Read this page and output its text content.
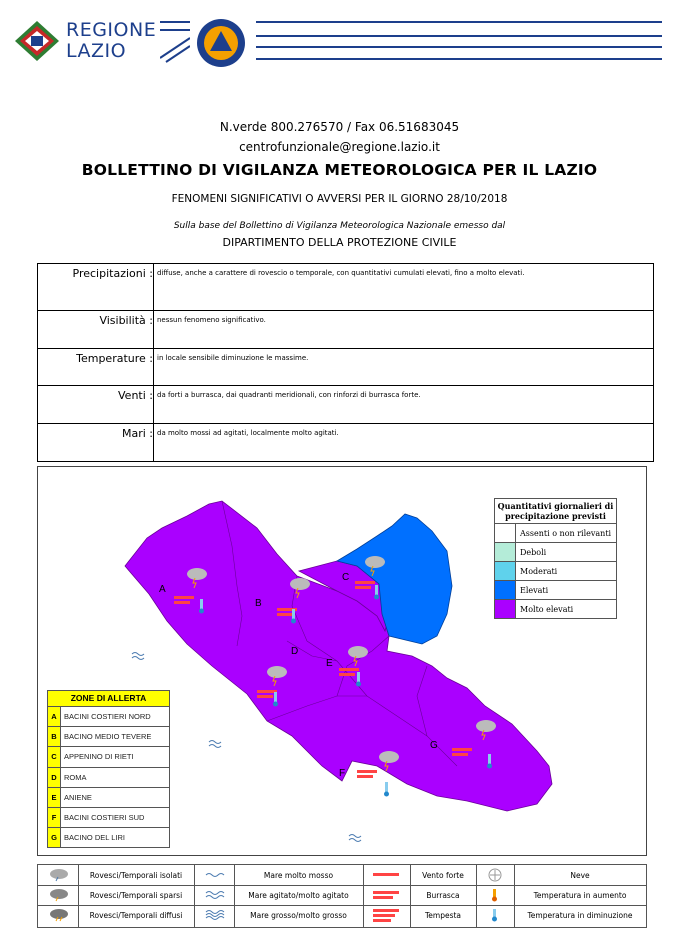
REGIONE
LAZIO
N.verde 800.276570 / Fax 06.51683045
centrofunzionale@regione.lazio.it
BOLLETTINO DI VIGILANZA METEOROLOGICA PER IL LAZIO
FENOMENI SIGNIFICATIVI O AVVERSI PER IL GIORNO 28/10/2018
Sulla base del Bollettino di Vigilanza Meteorologica Nazionale emesso dal
DIPARTIMENTO DELLA PROTEZIONE CIVILE
Precipitazioni : diffuse, anche a carattere di rovescio o temporale, con quantitativi cumulati elevati, fino a molto elevati.
Visibilità : nessun fenomeno significativo.
Temperature : in locale sensibile diminuzione le massime.
Venti : da forti a burrasca, dai quadranti meridionali, con rinforzi di burrasca forte.
Mari : da molto mossi ad agitati, localmente molto agitati.
A
B
C
D
E
F
G
Quantitativi giornalieri di precipitazione previsti
Assenti o non rilevanti
Deboli
Moderati
Elevati
Molto elevati
ZONE DI ALLERTA
A BACINI COSTIERI NORD
B BACINO MEDIO TEVERE
C APPENINO DI RIETI
D ROMA
E	ANIENE
F	BACINI COSTIERI SUD
G BACINO DEL LIRI
Rovesci/Temporali isolati
Rovesci/Temporali sparsi
Rovesci/Temporali diffusi
Mare molto mosso
Mare agitato/molto agitato
Mare grosso/molto grosso
Vento forte
Burrasca
Tempesta
Neve
Temperatura in aumento
Temperatura in diminuzione
